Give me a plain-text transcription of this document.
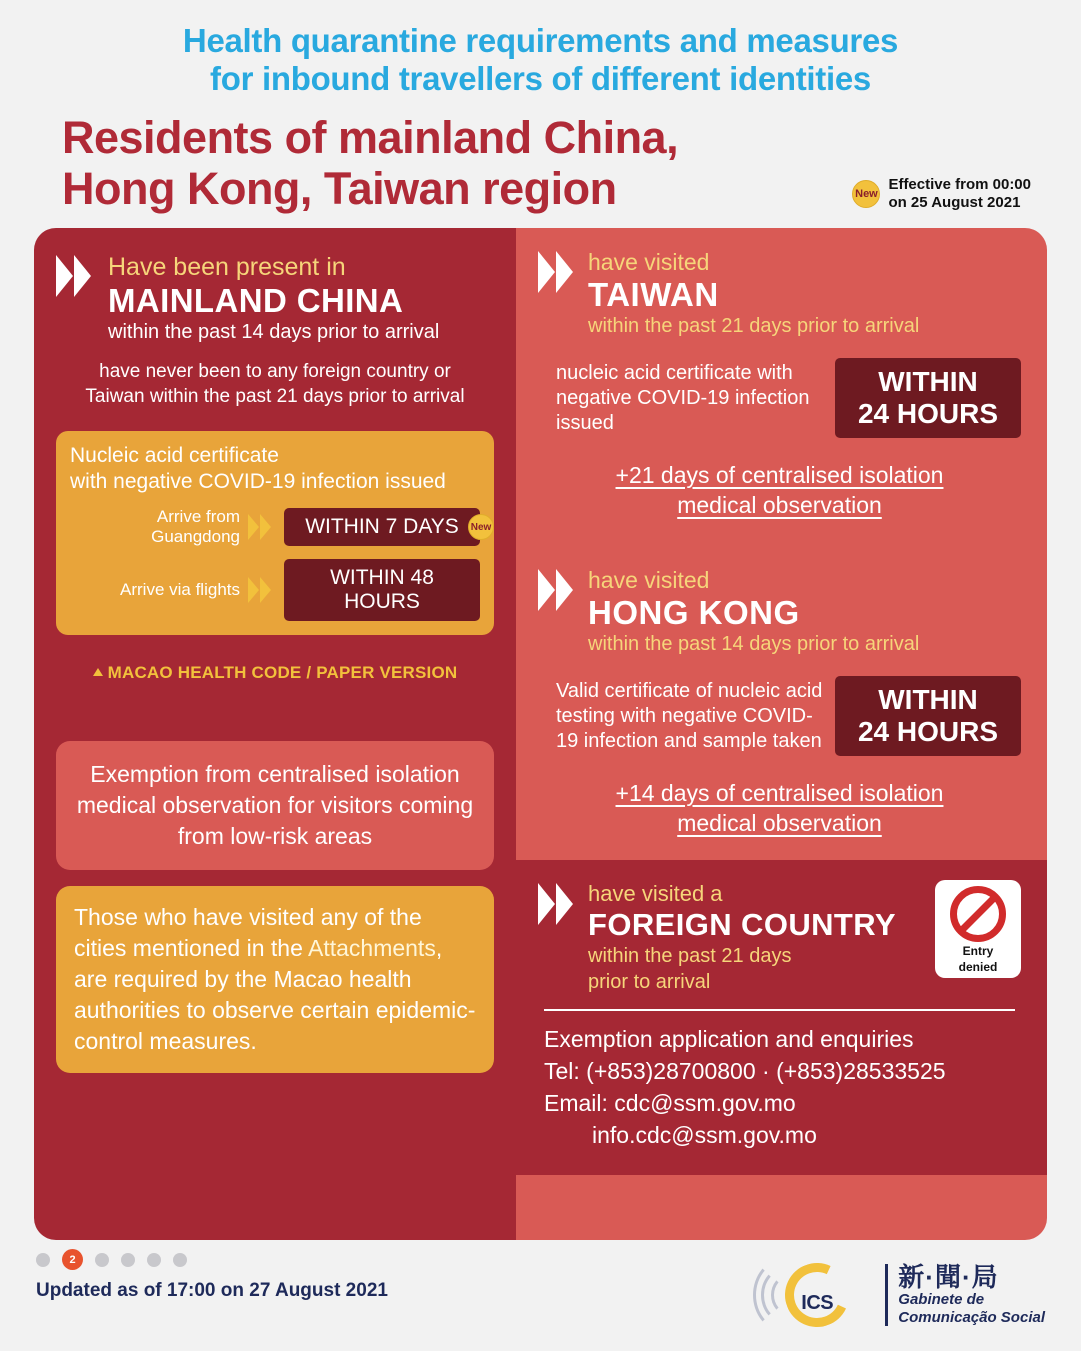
Health quarantine requirements and measures
for inbound travellers of different identities
Residents of mainland China,
Hong Kong, Taiwan region	New
Effective from 00:00
on 25 August 2021
Have been present in
MAINLAND CHINA
within the past 14 days prior to arrival
have never been to any foreign country or
Taiwan within the past 21 days prior to arrival
Nucleic acid certificate
with negative COVID-19 infection issued
Arrive from Guangdong	WITHIN 7 DAYS New
Arrive via flights
WITHIN 48 HOURS
MACAO HEALTH CODE / PAPER VERSION
Exemption from centralised isolation medical observation for visitors coming from low-risk areas
Those who have visited any of the cities mentioned in the Attachments, are required by the Macao health authorities to observe certain epidemic-control measures.
have visited
TAIWAN
within the past 21 days prior to arrival
nucleic acid certificate with negative COVID-19 infection issued
WITHIN
24 HOURS
+21 days of centralised isolation
medical observation
have visited
HONG KONG
within the past 14 days prior to arrival
Valid certificate of nucleic acid testing with negative COVID-19 infection and sample taken
WITHIN
24 HOURS
+14 days of centralised isolation
medical observation
have visited a
FOREIGN COUNTRY
within the past 21 days
prior to arrival
Entry
denied
Exemption application and enquiries
Tel: (+853)28700800 · (+853)28533525
Email: cdc@ssm.gov.mo
info.cdc@ssm.gov.mo
2
Updated as of 17:00 on 27 August 2021
ICS
新·聞·局
Gabinete de
Comunicação Social
